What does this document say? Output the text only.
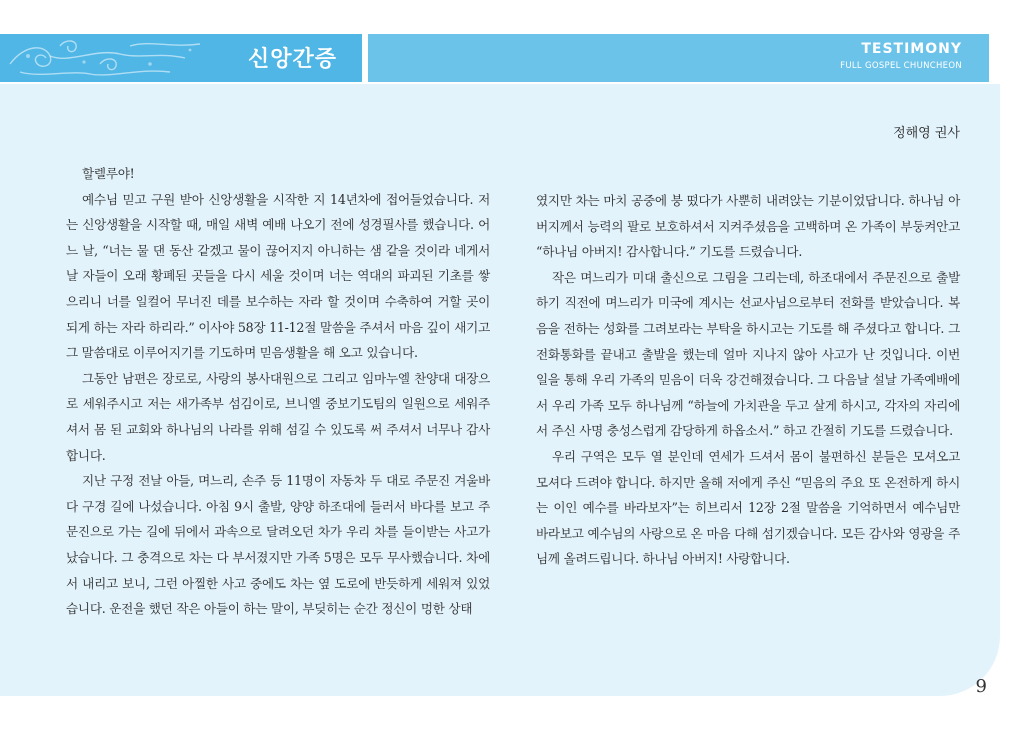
신앙간증	TESTIMONY
FULL GOSPEL CHUNCHEON
정해영 권사

할렐루야!

예수님 믿고 구원 받아 신앙생활을 시작한 지 14년차에 접어들었습니다. 저는 신앙생활을 시작할 때, 매일 새벽 예배 나오기 전에 성경필사를 했습니다. 어느 날, “너는 물 댄 동산 같겠고 물이 끊어지지 아니하는 샘 같을 것이라 네게서 날 자들이 오래 황폐된 곳들을 다시 세울 것이며 너는 역대의 파괴된 기초를 쌓으리니 너를 일컬어 무너진 데를 보수하는 자라 할 것이며 수축하여 거할 곳이 되게 하는 자라 하리라.” 이사야 58장 11-12절 말씀을 주셔서 마음 깊이 새기고 그 말씀대로 이루어지기를 기도하며 믿음생활을 해 오고 있습니다.

그동안 남편은 장로로, 사랑의 봉사대원으로 그리고 임마누엘 찬양대 대장으로 세워주시고 저는 새가족부 섬김이로, 브니엘 중보기도팀의 일원으로 세워주셔서 몸 된 교회와 하나님의 나라를 위해 섬길 수 있도록 써 주셔서 너무나 감사합니다.

지난 구정 전날 아들, 며느리, 손주 등 11명이 자동차 두 대로 주문진 겨울바다 구경 길에 나섰습니다. 아침 9시 출발, 양양 하조대에 들러서 바다를 보고 주문진으로 가는 길에 뒤에서 과속으로 달려오던 차가 우리 차를 들이받는 사고가 났습니다. 그 충격으로 차는 다 부서졌지만 가족 5명은 모두 무사했습니다. 차에서 내리고 보니, 그런 아찔한 사고 중에도 차는 옆 도로에 반듯하게 세워져 있었습니다. 운전을 했던 작은 아들이 하는 말이, 부딪히는 순간 정신이 멍한 상태

였지만 차는 마치 공중에 붕 떴다가 사뿐히 내려앉는 기분이었답니다. 하나님 아버지께서 능력의 팔로 보호하셔서 지켜주셨음을 고백하며 온 가족이 부둥켜안고 “하나님 아버지! 감사합니다.” 기도를 드렸습니다.

작은 며느리가 미대 출신으로 그림을 그리는데, 하조대에서 주문진으로 출발하기 직전에 며느리가 미국에 계시는 선교사님으로부터 전화를 받았습니다. 복음을 전하는 성화를 그려보라는 부탁을 하시고는 기도를 해 주셨다고 합니다. 그 전화통화를 끝내고 출발을 했는데 얼마 지나지 않아 사고가 난 것입니다. 이번 일을 통해 우리 가족의 믿음이 더욱 강건해졌습니다. 그 다음날 설날 가족예배에서 우리 가족 모두 하나님께 “하늘에 가치관을 두고 살게 하시고, 각자의 자리에서 주신 사명 충성스럽게 감당하게 하옵소서.” 하고 간절히 기도를 드렸습니다.

우리 구역은 모두 열 분인데 연세가 드셔서 몸이 불편하신 분들은 모셔오고 모셔다 드려야 합니다. 하지만 올해 저에게 주신 “믿음의 주요 또 온전하게 하시는 이인 예수를 바라보자”는 히브리서 12장 2절 말씀을 기억하면서 예수님만 바라보고 예수님의 사랑으로 온 마음 다해 섬기겠습니다. 모든 감사와 영광을 주님께 올려드립니다. 하나님 아버지! 사랑합니다.

9
